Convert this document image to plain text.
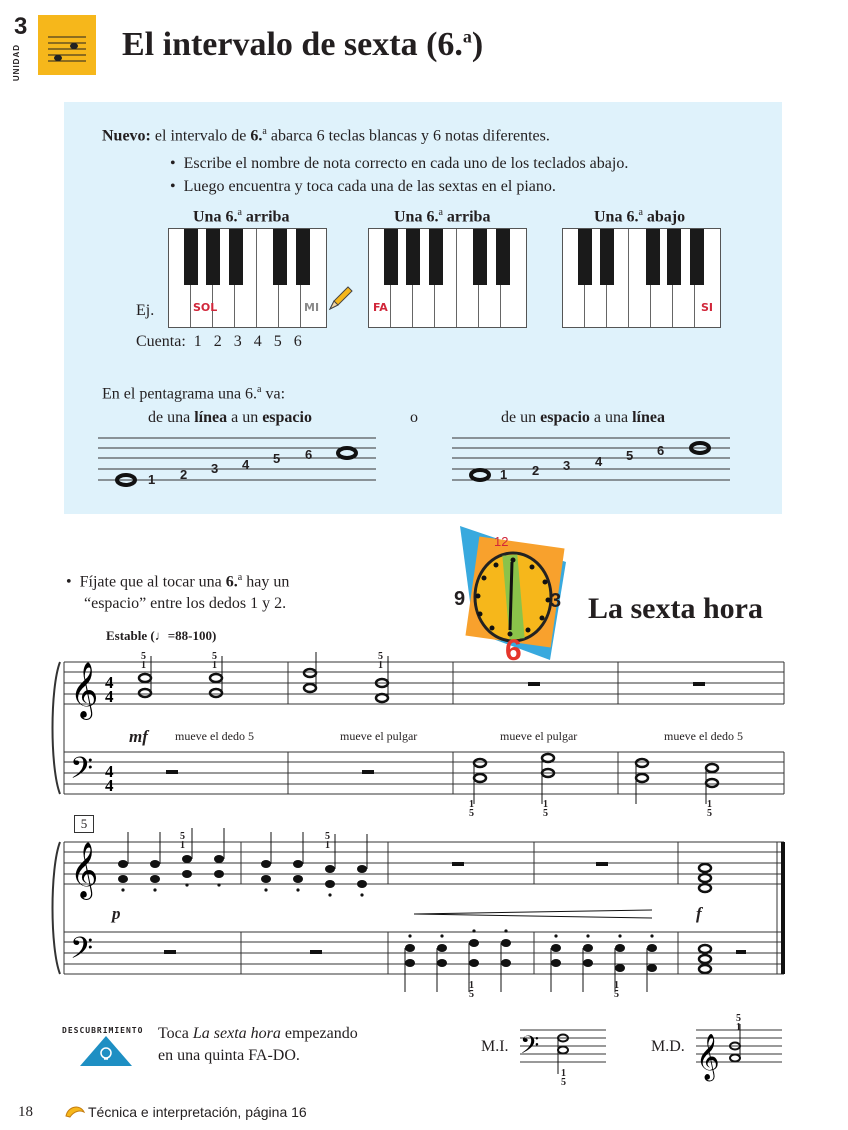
3
UNIDAD	El intervalo de sexta (6.$^a$)
Nuevo: el intervalo de 6.$^a$ abarca 6 teclas blancas y 6 notas diferentes.
•  Escribe el nombre de nota correcto en cada uno de los teclados abajo.
•  Luego encuentra y toca cada una de las sextas en el piano.
Una 6.$^a$ arriba	Una 6.$^a$ arriba	Una 6.$^a$ abajo
SOL	MI	FA	SI
Ej.
Cuenta: 1 2 3 4 5 6
En el pentagrama una 6.$^a$ va:
de una línea a un espacio	o	de un espacio a una línea
1 2 3 4 5 6
1 2 3 4 5 6
•  Fíjate que al tocar una 6.$^a$ hay un
“espacio” entre los dedos 1 y 2.
12
9	3
6
La sexta hora
Estable (♩=88-100)
𝄞
𝄢
4
4
4
4
5
1
5
1
5
1
1
5
1
5
1
5
mf mueve el dedo 5	mueve el pulgar	mueve el pulgar	mueve el dedo 5
5
𝄞
𝄢
5
1
5
1
1
5
1
5
p	f
DESCUBRIMIENTO Toca La sexta hora empezando
en una quinta FA-DO.
M.I. 𝄢
1
5
M.D. 𝄞
5
1
18	Técnica e interpretación, página 16
